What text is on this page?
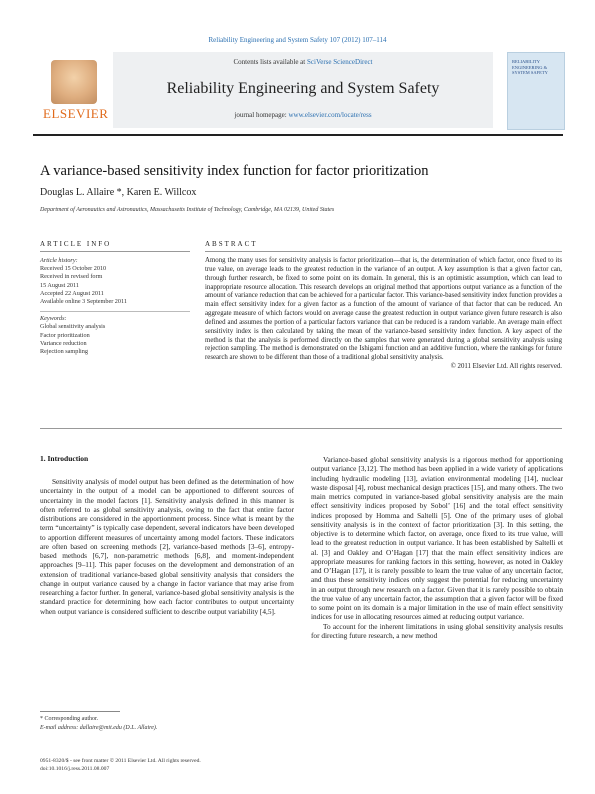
Reliability Engineering and System Safety 107 (2012) 107–114
ELSEVIER
Contents lists available at SciVerse ScienceDirect
Reliability Engineering and System Safety
journal homepage: www.elsevier.com/locate/ress
RELIABILITY ENGINEERING & SYSTEM SAFETY
A variance-based sensitivity index function for factor prioritization
Douglas L. Allaire *, Karen E. Willcox
Department of Aeronautics and Astronautics, Massachusetts Institute of Technology, Cambridge, MA 02139, United States
ARTICLE INFO	ABSTRACT
Article history:
Received 15 October 2010
Received in revised form
15 August 2011
Accepted 22 August 2011
Available online 3 September 2011
Keywords:
Global sensitivity analysis
Factor prioritization
Variance reduction
Rejection sampling
Among the many uses for sensitivity analysis is factor prioritization—that is, the determination of which factor, once fixed to its true value, on average leads to the greatest reduction in the variance of an output. A key assumption is that a given factor can, through further research, be fixed to some point on its domain. In general, this is an optimistic assumption, which can lead to inappropriate resource allocation. This research develops an original method that apportions output variance as a function of the amount of variance reduction that can be achieved for a particular factor. This variance-based sensitivity index function provides a main effect sensitivity index for a given factor as a function of the amount of variance of that factor that can be reduced. An aggregate measure of which factors would on average cause the greatest reduction in output variance given future research is also defined and assumes the portion of a particular factors variance that can be reduced is a random variable. An average main effect sensitivity index is then calculated by taking the mean of the variance-based sensitivity index function. A key aspect of the method is that the analysis is performed directly on the samples that were generated during a global sensitivity analysis using rejection sampling. The method is demonstrated on the Ishigami function and an additive function, where the rankings for future research are shown to be different than those of a traditional global sensitivity analysis.
© 2011 Elsevier Ltd. All rights reserved.
1. Introduction

Sensitivity analysis of model output has been defined as the determination of how uncertainty in the output of a model can be apportioned to different sources of uncertainty in the model factors [1]. Sensitivity analysis defined in this manner is often referred to as global sensitivity analysis, owing to the fact that entire factor distributions are considered in the apportionment process. Since what is meant by the term “uncertainty” is typically case dependent, several indicators have been developed to apportion different measures of uncertainty among model factors. These indicators are often based on screening methods [2], variance-based methods [3–6], entropy-based methods [6,7], non-parametric methods [6,8], and moment-independent approaches [9–11]. This paper focuses on the development and demonstration of an extension of traditional variance-based global sensitivity analysis that considers the change in output variance caused by a change in factor variance that may arise from researching a factor further. In general, variance-based global sensitivity analysis is the standard practice for determining how each factor contributes to output uncertainty when output variance is considered sufficient to describe output variability [4,5].

Variance-based global sensitivity analysis is a rigorous method for apportioning output variance [3,12]. The method has been applied in a wide variety of applications including hydraulic modeling [13], aviation environmental modeling [14], nuclear waste disposal [4], robust mechanical design practices [15], and many others. The two main metrics computed in variance-based global sensitivity analysis are the main effect sensitivity indices proposed by Sobol’ [16] and the total effect sensitivity indices proposed by Homma and Saltelli [5]. One of the primary uses of global sensitivity analysis is in the context of factor prioritization [3]. In this setting, the objective is to determine which factor, on average, once fixed to its true value, will lead to the greatest reduction in output variance. It has been established by Saltelli et al. [3] and Oakley and O’Hagan [17] that the main effect sensitivity indices are appropriate measures for ranking factors in this setting, however, as noted in Oakley and O’Hagan [17], it is rarely possible to learn the true value of any uncertain factor, and thus these sensitivity indices only suggest the potential for reducing uncertainty in an output through new research on a factor. Given that it is rarely possible to obtain the true value of any uncertain factor, the assumption that a given factor will be fixed to some point on its domain is a major limitation in the use of main effect sensitivity indices for use in allocating resources aimed at reducing output variance.

To account for the inherent limitations in using global sensitivity analysis results for directing future research, a new method

* Corresponding author.
E-mail address: dallaire@mit.edu (D.L. Allaire).
0951-8320/$ - see front matter © 2011 Elsevier Ltd. All rights reserved.
doi:10.1016/j.ress.2011.08.007
